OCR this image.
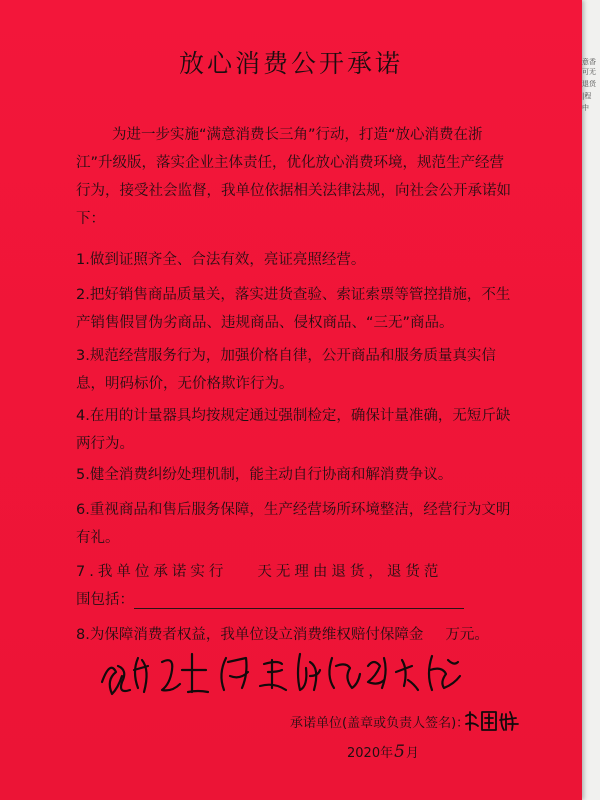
意香
可无
退货
|程
中
放心消费公开承诺
为进一步实施“满意消费长三角”行动，打造“放心消费在浙江”升级版，落实企业主体责任，优化放心消费环境，规范生产经营行为，接受社会监督，我单位依据相关法律法规，向社会公开承诺如下：
1.做到证照齐全、合法有效，亮证亮照经营。
2.把好销售商品质量关，落实进货查验、索证索票等管控措施，不生产销售假冒伪劣商品、违规商品、侵权商品、“三无”商品。
3.规范经营服务行为，加强价格自律，公开商品和服务质量真实信息，明码标价，无价格欺诈行为。
4.在用的计量器具均按规定通过强制检定，确保计量准确，无短斤缺两行为。
5.健全消费纠纷处理机制，能主动自行协商和解消费争议。
6.重视商品和售后服务保障，生产经营场所环境整洁，经营行为文明有礼。
7.我单位承诺实行 天无理由退货，退货范
围包括：
8.为保障消费者权益，我单位设立消费维权赔付保障金 万元。
承诺单位(盖章或负责人签名)：
2020年5月
